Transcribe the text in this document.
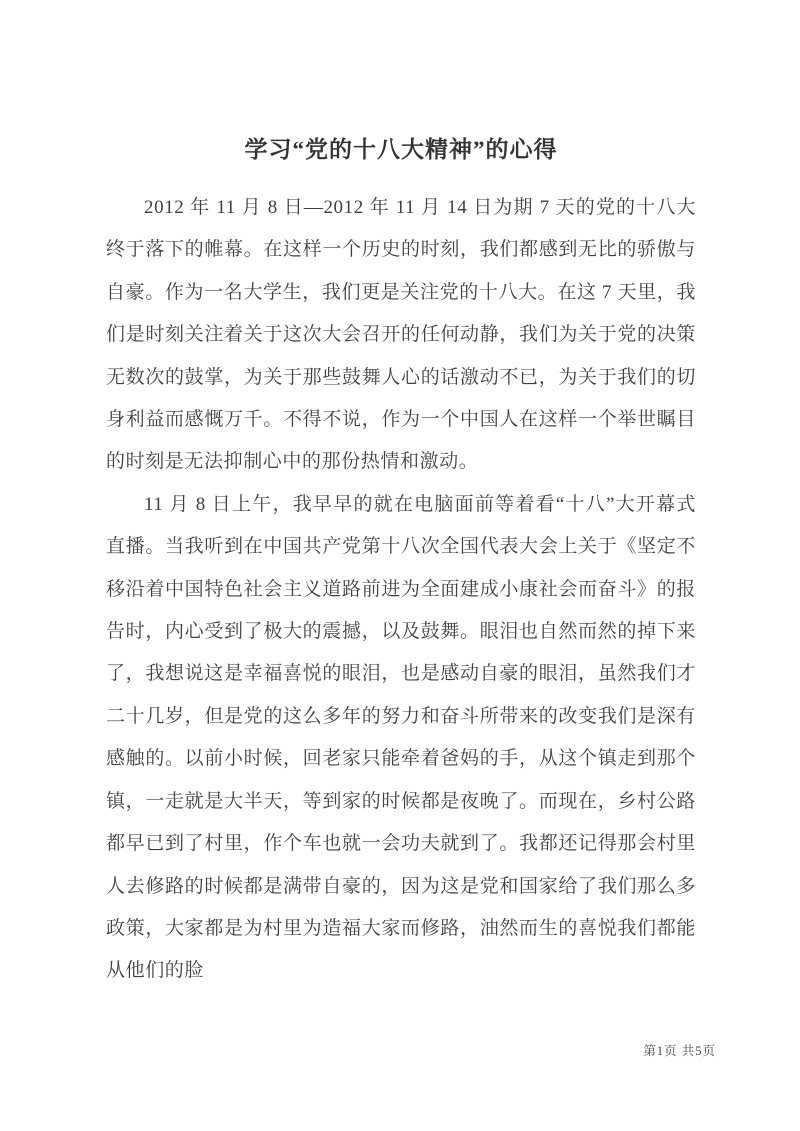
学习“党的十八大精神”的心得

2012 年 11 月 8 日—2012 年 11 月 14 日为期 7 天的党的十八大终于落下的帷幕。在这样一个历史的时刻，我们都感到无比的骄傲与自豪。作为一名大学生，我们更是关注党的十八大。在这 7 天里，我们是时刻关注着关于这次大会召开的任何动静，我们为关于党的决策无数次的鼓掌，为关于那些鼓舞人心的话激动不已，为关于我们的切身利益而感慨万千。不得不说，作为一个中国人在这样一个举世瞩目的时刻是无法抑制心中的那份热情和激动。

11 月 8 日上午，我早早的就在电脑面前等着看“十八”大开幕式直播。当我听到在中国共产党第十八次全国代表大会上关于《坚定不移沿着中国特色社会主义道路前进为全面建成小康社会而奋斗》的报告时，内心受到了极大的震撼，以及鼓舞。眼泪也自然而然的掉下来了，我想说这是幸福喜悦的眼泪，也是感动自豪的眼泪，虽然我们才二十几岁，但是党的这么多年的努力和奋斗所带来的改变我们是深有感触的。以前小时候，回老家只能牵着爸妈的手，从这个镇走到那个镇，一走就是大半天，等到家的时候都是夜晚了。而现在，乡村公路都早已到了村里，作个车也就一会功夫就到了。我都还记得那会村里人去修路的时候都是满带自豪的，因为这是党和国家给了我们那么多政策，大家都是为村里为造福大家而修路，油然而生的喜悦我们都能从他们的脸

第1页 共5页
